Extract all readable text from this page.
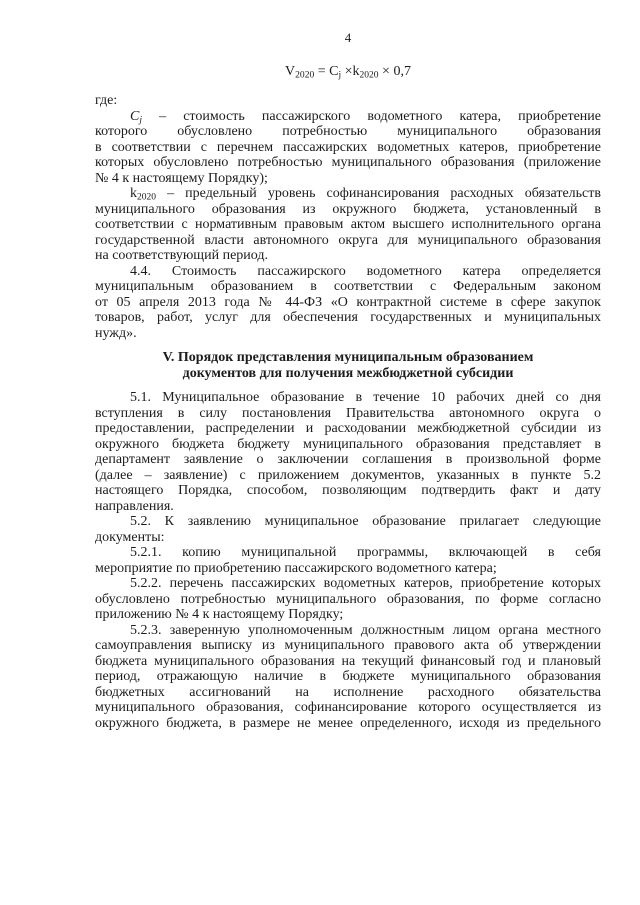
4
$V_{2020} = C_j \times k_{2020} \times 0,7$
где:
$C_j$ – стоимость пассажирского водометного катера, приобретение
которого обусловлено потребностью муниципального образования
в соответствии с перечнем пассажирских водометных катеров, приобретение
которых обусловлено потребностью муниципального образования (приложение
№ 4 к настоящему Порядку);
$k_{2020}$ – предельный уровень софинансирования расходных обязательств
муниципального образования из окружного бюджета, установленный в
соответствии с нормативным правовым актом высшего исполнительного органа
государственной власти автономного округа для муниципального образования
на соответствующий период.
4.4. Стоимость пассажирского водометного катера определяется
муниципальным образованием в соответствии с Федеральным законом
от 05 апреля 2013 года № 44-ФЗ «О контрактной системе в сфере закупок
товаров, работ, услуг для обеспечения государственных и муниципальных
нужд».
V. Порядок представления муниципальным образованием
документов для получения межбюджетной субсидии
5.1. Муниципальное образование в течение 10 рабочих дней со дня
вступления в силу постановления Правительства автономного округа о
предоставлении, распределении и расходовании межбюджетной субсидии из
окружного бюджета бюджету муниципального образования представляет в
департамент заявление о заключении соглашения в произвольной форме
(далее – заявление) с приложением документов, указанных в пункте 5.2
настоящего Порядка, способом, позволяющим подтвердить факт и дату
направления.
5.2. К заявлению муниципальное образование прилагает следующие
документы:
5.2.1. копию муниципальной программы, включающей в себя
мероприятие по приобретению пассажирского водометного катера;
5.2.2. перечень пассажирских водометных катеров, приобретение которых
обусловлено потребностью муниципального образования, по форме согласно
приложению № 4 к настоящему Порядку;
5.2.3. заверенную уполномоченным должностным лицом органа местного
самоуправления выписку из муниципального правового акта об утверждении
бюджета муниципального образования на текущий финансовый год и плановый
период, отражающую наличие в бюджете муниципального образования
бюджетных ассигнований на исполнение расходного обязательства
муниципального образования, софинансирование которого осуществляется из
окружного бюджета, в размере не менее определенного, исходя из предельного
